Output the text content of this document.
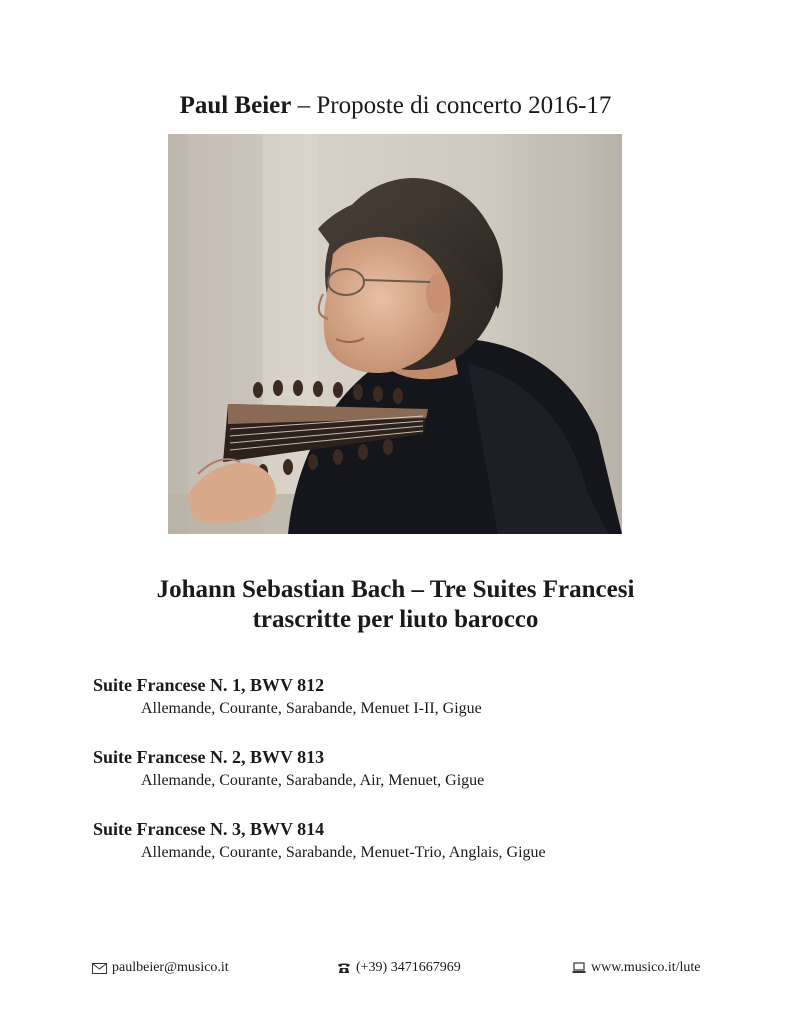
Paul Beier – Proposte di concerto 2016-17
Johann Sebastian Bach – Tre Suites Francesi
trascritte per liuto barocco
Suite Francese N. 1, BWV 812
Allemande, Courante, Sarabande, Menuet I-II, Gigue
Suite Francese N. 2, BWV 813
Allemande, Courante, Sarabande, Air, Menuet, Gigue
Suite Francese N. 3, BWV 814
Allemande, Courante, Sarabande, Menuet-Trio, Anglais, Gigue
paulbeier@musico.it	(+39) 3471667969	www.musico.it/lute
